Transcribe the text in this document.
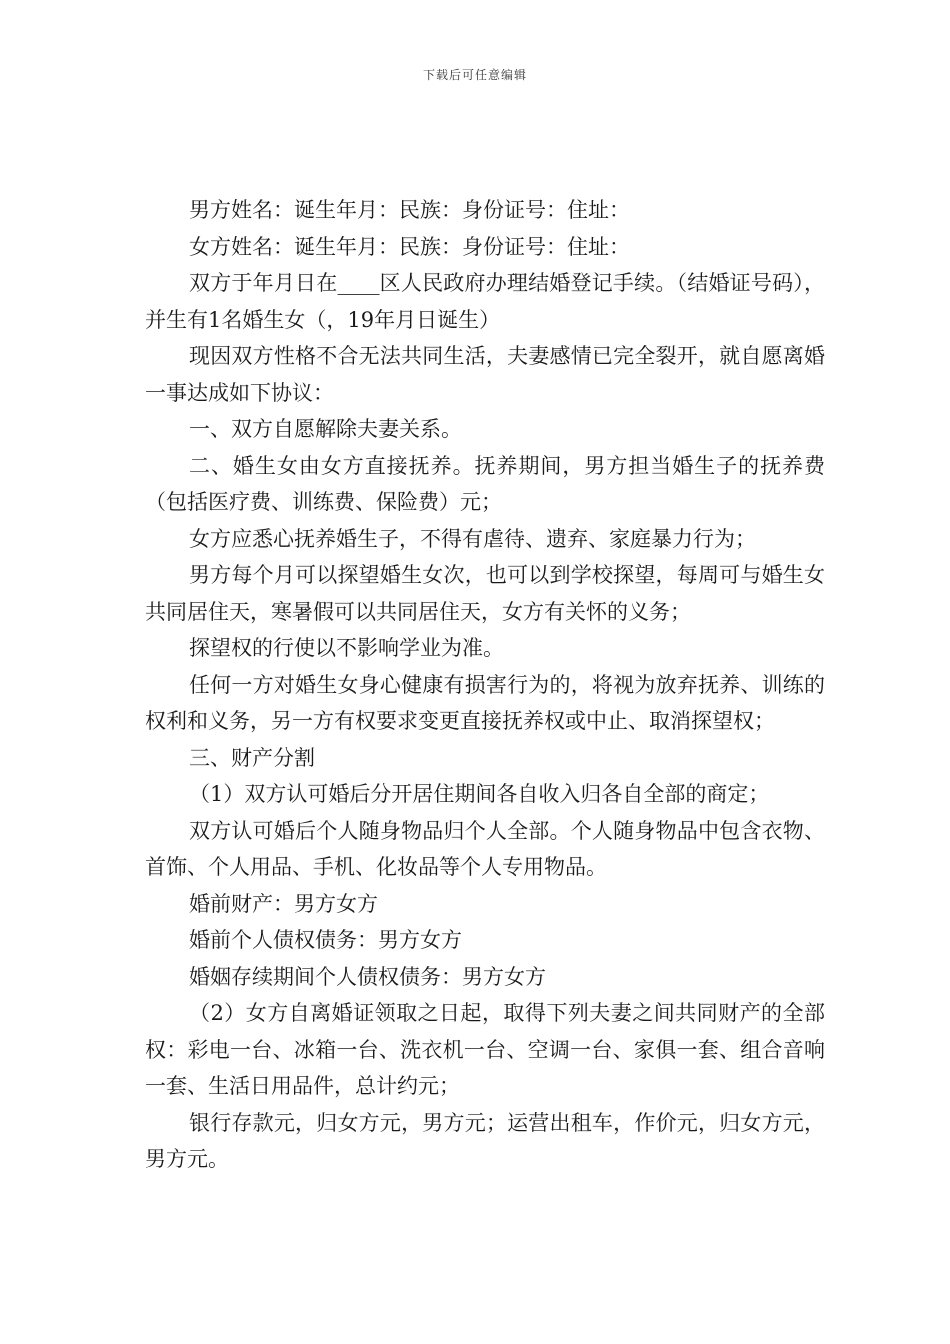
下载后可任意编辑

男方姓名：诞生年月：民族：身份证号：住址：

女方姓名：诞生年月：民族：身份证号：住址：

双方于年月日在____区人民政府办理结婚登记手续。（结婚证号码），并生有1名婚生女（，19年月日诞生）

现因双方性格不合无法共同生活，夫妻感情已完全裂开，就自愿离婚一事达成如下协议：

一、双方自愿解除夫妻关系。

二、婚生女由女方直接抚养。抚养期间，男方担当婚生子的抚养费（包括医疗费、训练费、保险费）元；

女方应悉心抚养婚生子，不得有虐待、遗弃、家庭暴力行为；

男方每个月可以探望婚生女次，也可以到学校探望，每周可与婚生女共同居住天，寒暑假可以共同居住天，女方有关怀的义务；

探望权的行使以不影响学业为准。

任何一方对婚生女身心健康有损害行为的，将视为放弃抚养、训练的权利和义务，另一方有权要求变更直接抚养权或中止、取消探望权；

三、财产分割

（1）双方认可婚后分开居住期间各自收入归各自全部的商定；

双方认可婚后个人随身物品归个人全部。个人随身物品中包含衣物、首饰、个人用品、手机、化妆品等个人专用物品。

婚前财产：男方女方

婚前个人债权债务：男方女方

婚姻存续期间个人债权债务：男方女方

（2）女方自离婚证领取之日起，取得下列夫妻之间共同财产的全部权：彩电一台、冰箱一台、洗衣机一台、空调一台、家俱一套、组合音响一套、生活日用品件，总计约元；

银行存款元，归女方元，男方元；运营出租车，作价元，归女方元，男方元。
